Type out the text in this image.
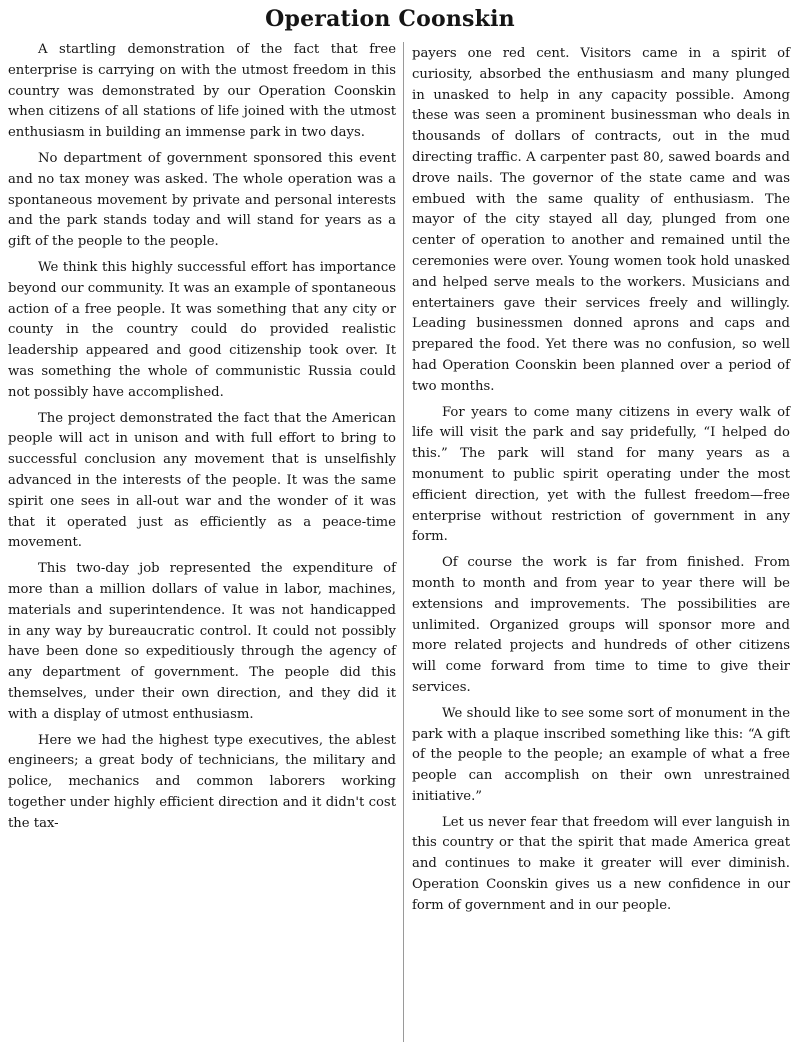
Operation Coonskin

A startling demonstration of the fact that free enterprise is carrying on with the utmost freedom in this country was demonstrated by our Operation Coonskin when citizens of all stations of life joined with the utmost enthusiasm in building an immense park in two days.

No department of government sponsored this event and no tax money was asked. The whole operation was a spontaneous movement by private and personal interests and the park stands today and will stand for years as a gift of the people to the people.

We think this highly successful effort has importance beyond our community. It was an example of spontaneous action of a free people. It was something that any city or county in the country could do provided realistic leadership appeared and good citizenship took over. It was something the whole of communistic Russia could not possibly have accomplished.

The project demonstrated the fact that the American people will act in unison and with full effort to bring to successful conclusion any movement that is unselfishly advanced in the interests of the people. It was the same spirit one sees in all-out war and the wonder of it was that it operated just as efficiently as a peace-time movement.

This two-day job represented the expenditure of more than a million dollars of value in labor, machines, materials and superintendence. It was not handicapped in any way by bureaucratic control. It could not possibly have been done so expeditiously through the agency of any department of government. The people did this themselves, under their own direction, and they did it with a display of utmost enthusiasm.

Here we had the highest type executives, the ablest engineers; a great body of technicians, the military and police, mechanics and common laborers working together under highly efficient direction and it didn't cost the tax-

payers one red cent. Visitors came in a spirit of curiosity, absorbed the enthusiasm and many plunged in unasked to help in any capacity possible. Among these was seen a prominent businessman who deals in thousands of dollars of contracts, out in the mud directing traffic. A carpenter past 80, sawed boards and drove nails. The governor of the state came and was embued with the same quality of enthusiasm. The mayor of the city stayed all day, plunged from one center of operation to another and remained until the ceremonies were over. Young women took hold unasked and helped serve meals to the workers. Musicians and entertainers gave their services freely and willingly. Leading businessmen donned aprons and caps and prepared the food. Yet there was no confusion, so well had Operation Coonskin been planned over a period of two months.

For years to come many citizens in every walk of life will visit the park and say pridefully, “I helped do this.” The park will stand for many years as a monument to public spirit operating under the most efficient direction, yet with the fullest freedom—free enterprise without restriction of government in any form.

Of course the work is far from finished. From month to month and from year to year there will be extensions and improvements. The possibilities are unlimited. Organized groups will sponsor more and more related projects and hundreds of other citizens will come forward from time to time to give their services.

We should like to see some sort of monument in the park with a plaque inscribed something like this: “A gift of the people to the people; an example of what a free people can accomplish on their own unrestrained initiative.”

Let us never fear that freedom will ever languish in this country or that the spirit that made America great and continues to make it greater will ever diminish. Operation Coonskin gives us a new confidence in our form of government and in our people.
